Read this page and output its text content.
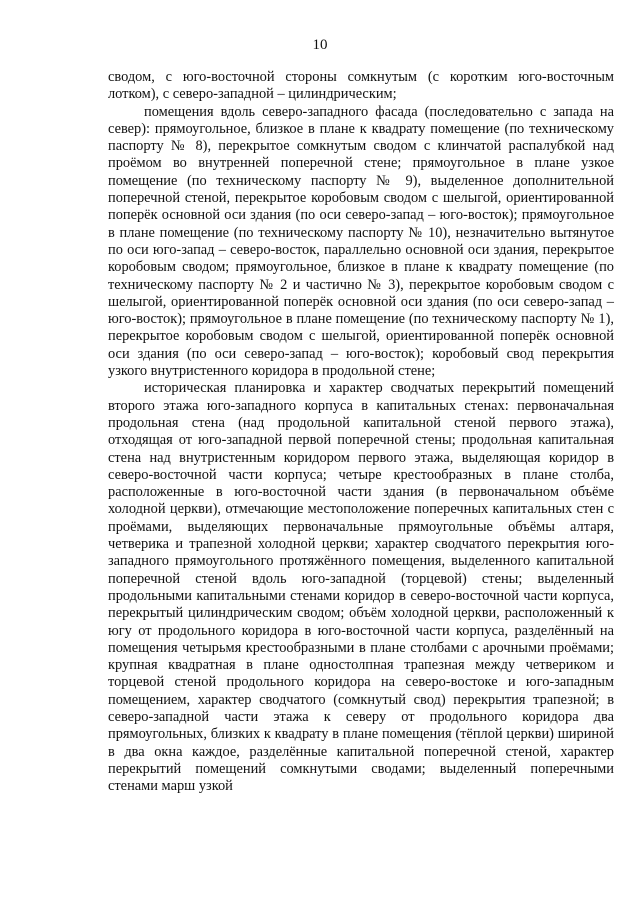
10

сводом, с юго-восточной стороны сомкнутым (с коротким юго-восточным лотком), с северо-западной – цилиндрическим;

помещения вдоль северо-западного фасада (последовательно с запада на север): прямоугольное, близкое в плане к квадрату помещение (по техническому паспорту № 8), перекрытое сомкнутым сводом с клинчатой распалубкой над проёмом во внутренней поперечной стене; прямоугольное в плане узкое помещение (по техническому паспорту № 9), выделенное дополнительной поперечной стеной, перекрытое коробовым сводом с шелыгой, ориентированной поперёк основной оси здания (по оси северо-запад – юго-восток); прямоугольное в плане помещение (по техническому паспорту № 10), незначительно вытянутое по оси юго-запад – северо-восток, параллельно основной оси здания, перекрытое коробовым сводом; прямоугольное, близкое в плане к квадрату помещение (по техническому паспорту № 2 и частично № 3), перекрытое коробовым сводом с шелыгой, ориентированной поперёк основной оси здания (по оси северо-запад – юго-восток); прямоугольное в плане помещение (по техническому паспорту № 1), перекрытое коробовым сводом с шелыгой, ориентированной поперёк основной оси здания (по оси северо-запад – юго-восток); коробовый свод перекрытия узкого внутристенного коридора в продольной стене;

историческая планировка и характер сводчатых перекрытий помещений второго этажа юго-западного корпуса в капитальных стенах: первоначальная продольная стена (над продольной капитальной стеной первого этажа), отходящая от юго-западной первой поперечной стены; продольная капитальная стена над внутристенным коридором первого этажа, выделяющая коридор в северо-восточной части корпуса; четыре крестообразных в плане столба, расположенные в юго-восточной части здания (в первоначальном объёме холодной церкви), отмечающие местоположение поперечных капитальных стен с проёмами, выделяющих первоначальные прямоугольные объёмы алтаря, четверика и трапезной холодной церкви; характер сводчатого перекрытия юго-западного прямоугольного протяжённого помещения, выделенного капитальной поперечной стеной вдоль юго-западной (торцевой) стены; выделенный продольными капитальными стенами коридор в северо-восточной части корпуса, перекрытый цилиндрическим сводом; объём холодной церкви, расположенный к югу от продольного коридора в юго-восточной части корпуса, разделённый на помещения четырьмя крестообразными в плане столбами с арочными проёмами; крупная квадратная в плане одностолпная трапезная между четвериком и торцевой стеной продольного коридора на северо-востоке и юго-западным помещением, характер сводчатого (сомкнутый свод) перекрытия трапезной; в северо-западной части этажа к северу от продольного коридора два прямоугольных, близких к квадрату в плане помещения (тёплой церкви) шириной в два окна каждое, разделённые капитальной поперечной стеной, характер перекрытий помещений сомкнутыми сводами; выделенный поперечными стенами марш узкой
